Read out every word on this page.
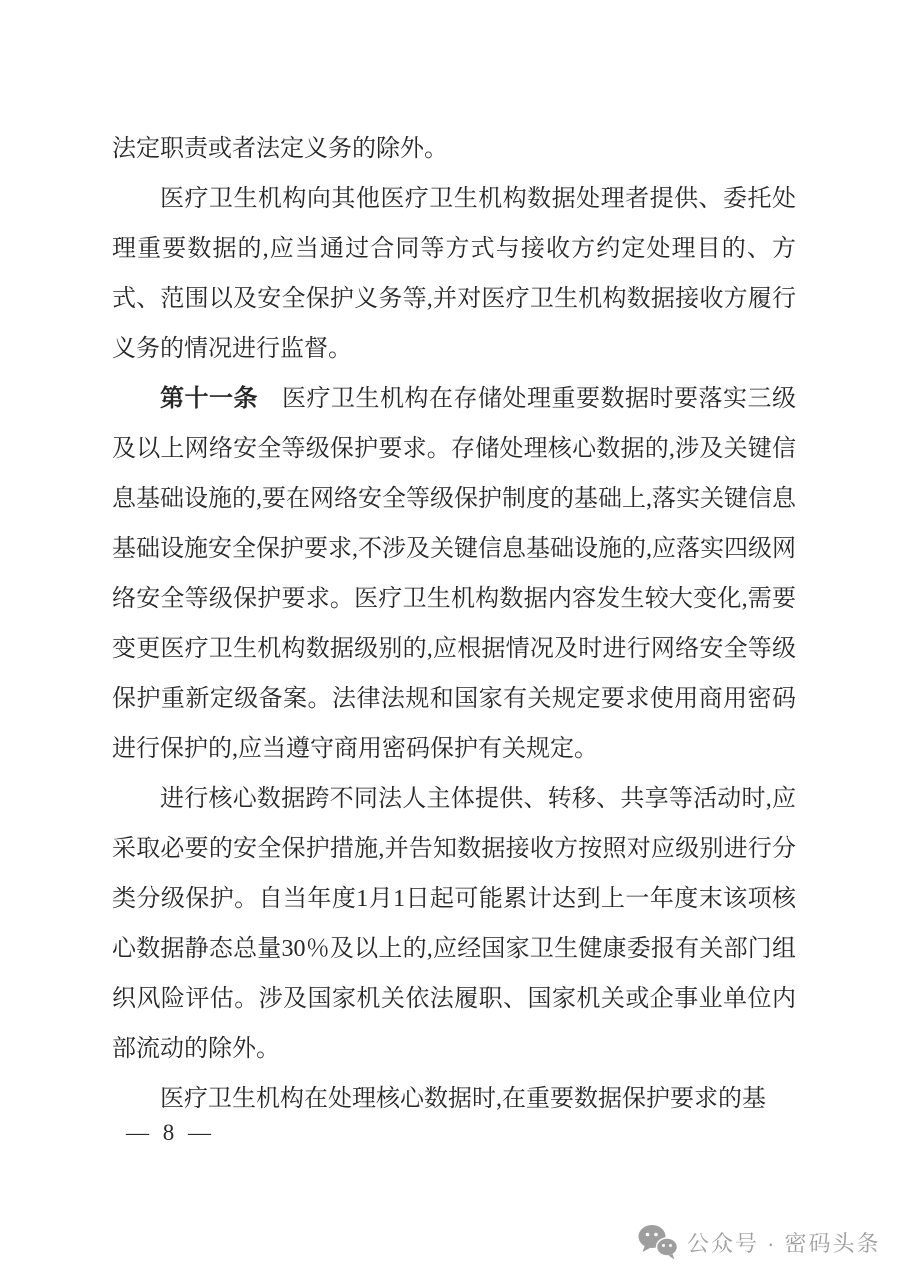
法定职责或者法定义务的除外。

医疗卫生机构向其他医疗卫生机构数据处理者提供、委托处理重要数据的,应当通过合同等方式与接收方约定处理目的、方式、范围以及安全保护义务等,并对医疗卫生机构数据接收方履行义务的情况进行监督。

第十一条 医疗卫生机构在存储处理重要数据时要落实三级及以上网络安全等级保护要求。存储处理核心数据的,涉及关键信息基础设施的,要在网络安全等级保护制度的基础上,落实关键信息基础设施安全保护要求,不涉及关键信息基础设施的,应落实四级网络安全等级保护要求。医疗卫生机构数据内容发生较大变化,需要变更医疗卫生机构数据级别的,应根据情况及时进行网络安全等级保护重新定级备案。法律法规和国家有关规定要求使用商用密码进行保护的,应当遵守商用密码保护有关规定。

进行核心数据跨不同法人主体提供、转移、共享等活动时,应采取必要的安全保护措施,并告知数据接收方按照对应级别进行分类分级保护。自当年度1月1日起可能累计达到上一年度末该项核心数据静态总量30％及以上的,应经国家卫生健康委报有关部门组织风险评估。涉及国家机关依法履职、国家机关或企事业单位内部流动的除外。

医疗卫生机构在处理核心数据时,在重要数据保护要求的基

— 8 —
公众号 · 密码头条
